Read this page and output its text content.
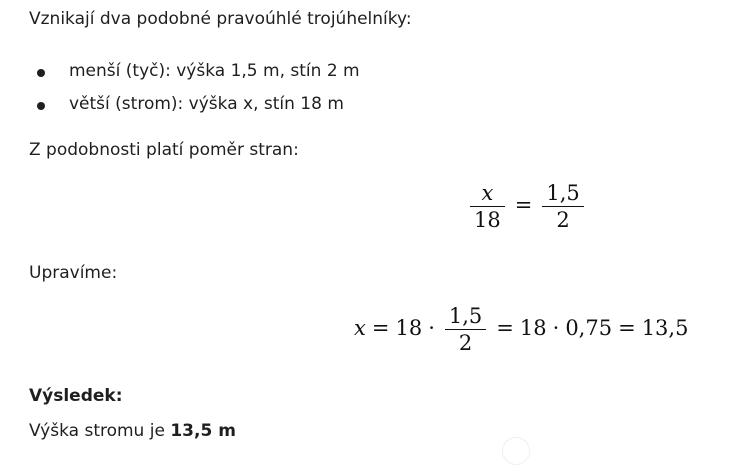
Vznikají dva podobné pravoúhlé trojúhelníky:
menší (tyč): výška 1,5 m, stín 2 m
větší (strom): výška x, stín 18 m
Z podobnosti platí poměr stran:
$\frac{x}{18} = \frac{1,5}{2}$
Upravíme:
$x = 18 \cdot \frac{1,5}{2} = 18 \cdot 0,75 = 13,5$
Výsledek:
Výška stromu je 13,5 m
